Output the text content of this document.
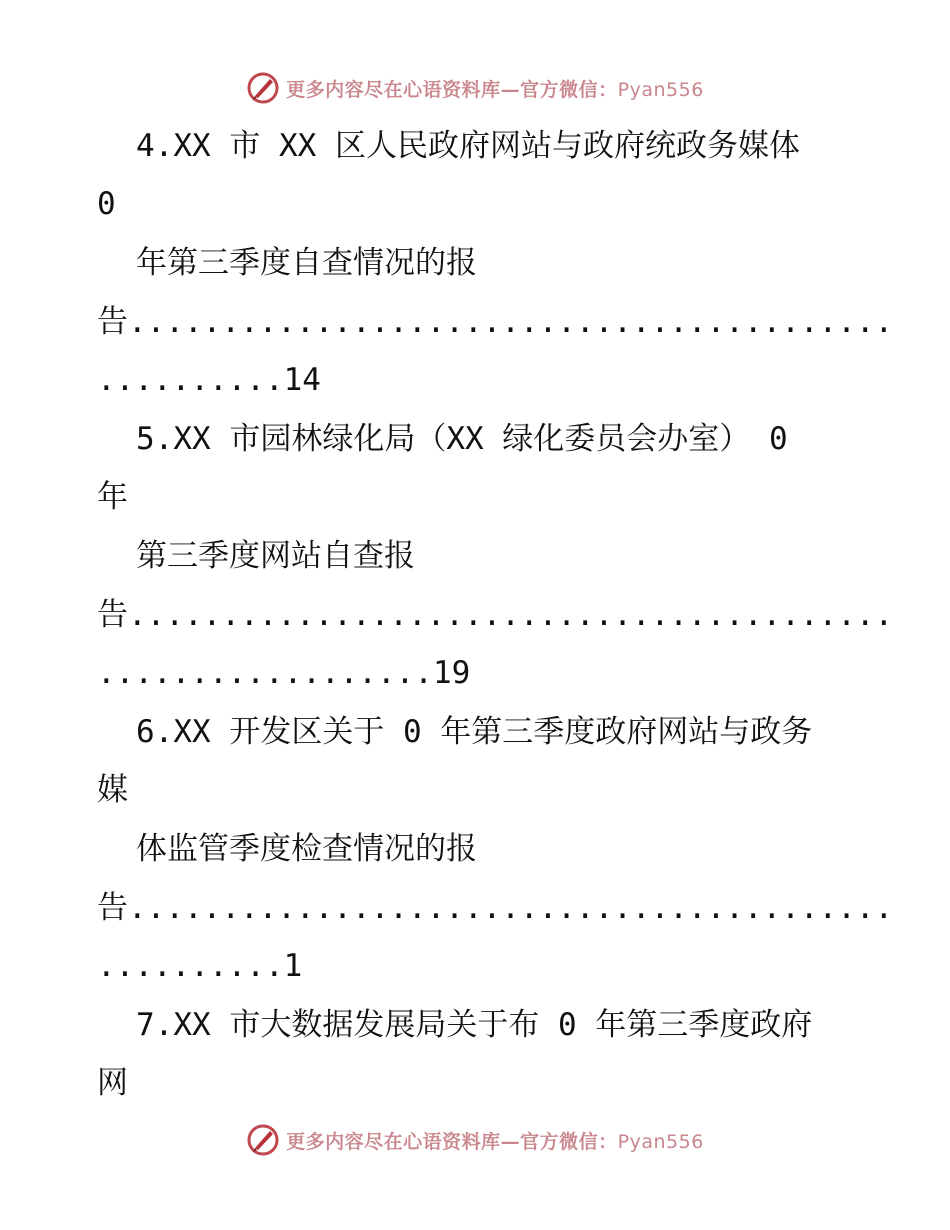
更多内容尽在心语资料库—官方微信：Pyan556
4.XX 市 XX 区人民政府网站与政府统政务媒体
0
年第三季度自查情况的报
告.........................................
..........14
5.XX 市园林绿化局（XX 绿化委员会办室） 0
年
第三季度网站自查报
告.........................................
..................19
6.XX 开发区关于 0 年第三季度政府网站与政务
媒
体监管季度检查情况的报
告.........................................
..........1
7.XX 市大数据发展局关于布 0 年第三季度政府
网
更多内容尽在心语资料库—官方微信：Pyan556
